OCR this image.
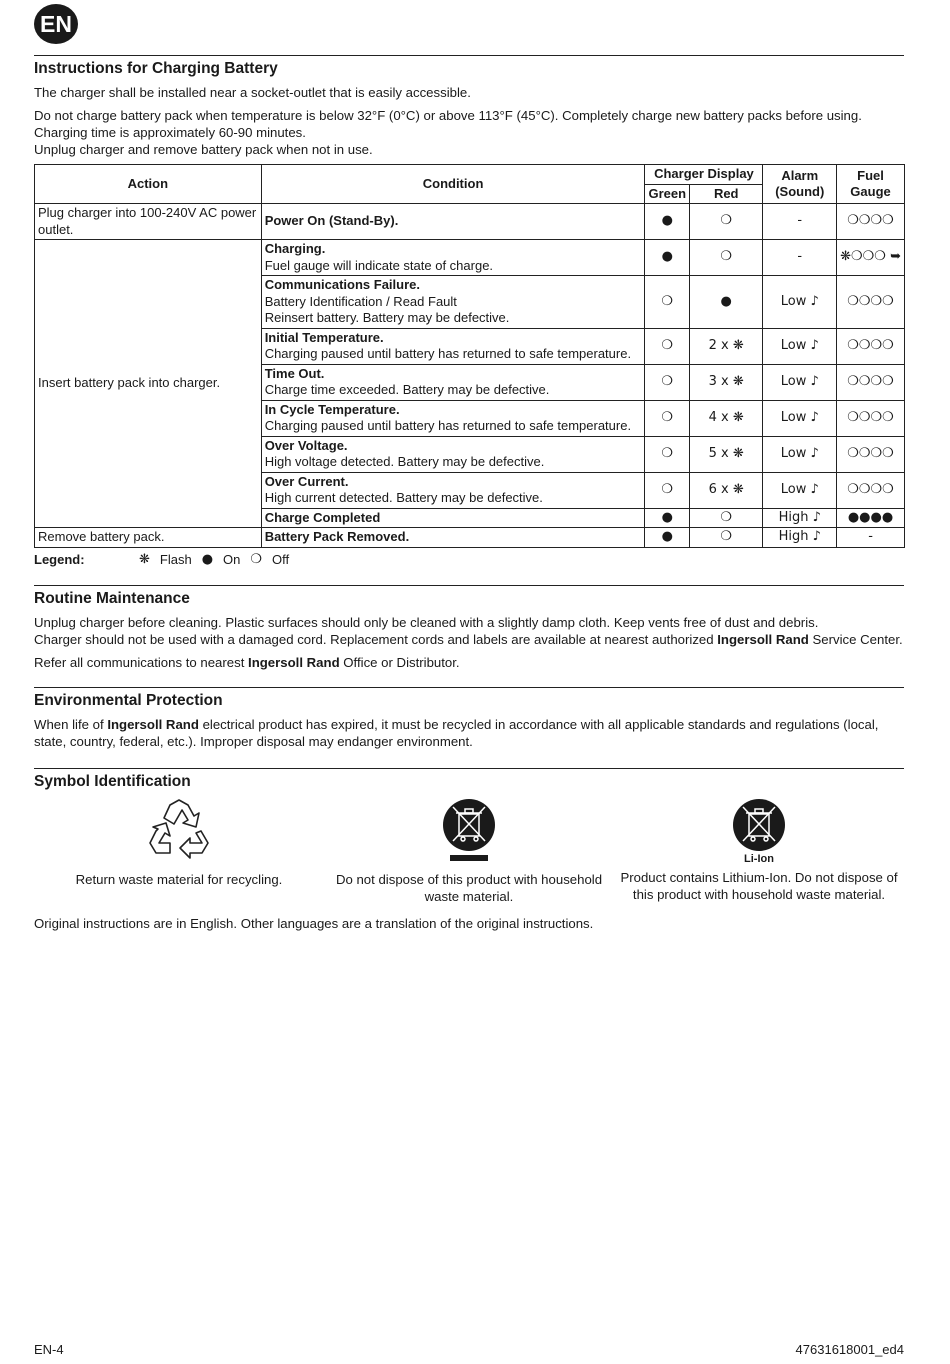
EN
Instructions for Charging Battery

The charger shall be installed near a socket-outlet that is easily accessible.

Do not charge battery pack when temperature is below 32°F (0°C) or above 113°F (45°C). Completely charge new battery packs before using.
Charging time is approximately 60-90 minutes.
Unplug charger and remove battery pack when not in use.

Action	Condition	Charger Display		Alarm (Sound)	Fuel Gauge
		Green	Red		
Plug charger into 100-240V AC power outlet.	Power On (Stand-By).	●	❍	-	❍❍❍❍
Insert battery pack into charger.	Charging.
Fuel gauge will indicate state of charge.	●	❍	-	❋❍❍❍ ➥

	Communications Failure.
Battery Identification / Read Fault
Reinsert battery. Battery may be defective.	❍	●	Low ♪	❍❍❍❍

	Initial Temperature.
Charging paused until battery has returned to safe temperature.	❍	2 x ❋	Low ♪	❍❍❍❍

	Time Out.
Charge time exceeded. Battery may be defective.	❍	3 x ❋	Low ♪	❍❍❍❍

	In Cycle Temperature.
Charging paused until battery has returned to safe temperature.	❍	4 x ❋	Low ♪	❍❍❍❍

	Over Voltage.
High voltage detected. Battery may be defective.	❍	5 x ❋	Low ♪	❍❍❍❍

	Over Current.
High current detected. Battery may be defective.	❍	6 x ❋	Low ♪	❍❍❍❍

	Charge Completed	●	❍	High ♪	●●●●
Remove battery pack.	Battery Pack Removed.	●	❍	High ♪	-
Legend:	❋ Flash ● On ❍ Off
Routine Maintenance

Unplug charger before cleaning. Plastic surfaces should only be cleaned with a slightly damp cloth. Keep vents free of dust and debris.
Charger should not be used with a damaged cord. Replacement cords and labels are available at nearest authorized Ingersoll Rand Service Center.

Refer all communications to nearest Ingersoll Rand Office or Distributor.

Environmental Protection

When life of Ingersoll Rand electrical product has expired, it must be recycled in accordance with all applicable standards and regulations (local, state, country, federal, etc.). Improper disposal may endanger environment.

Symbol Identification
Return waste material for recycling.	Do not dispose of this product with household waste material.
Li-Ion
Product contains Lithium-Ion. Do not dispose of this product with household waste material.

Original instructions are in English. Other languages are a translation of the original instructions.

EN-4	47631618001_ed4
